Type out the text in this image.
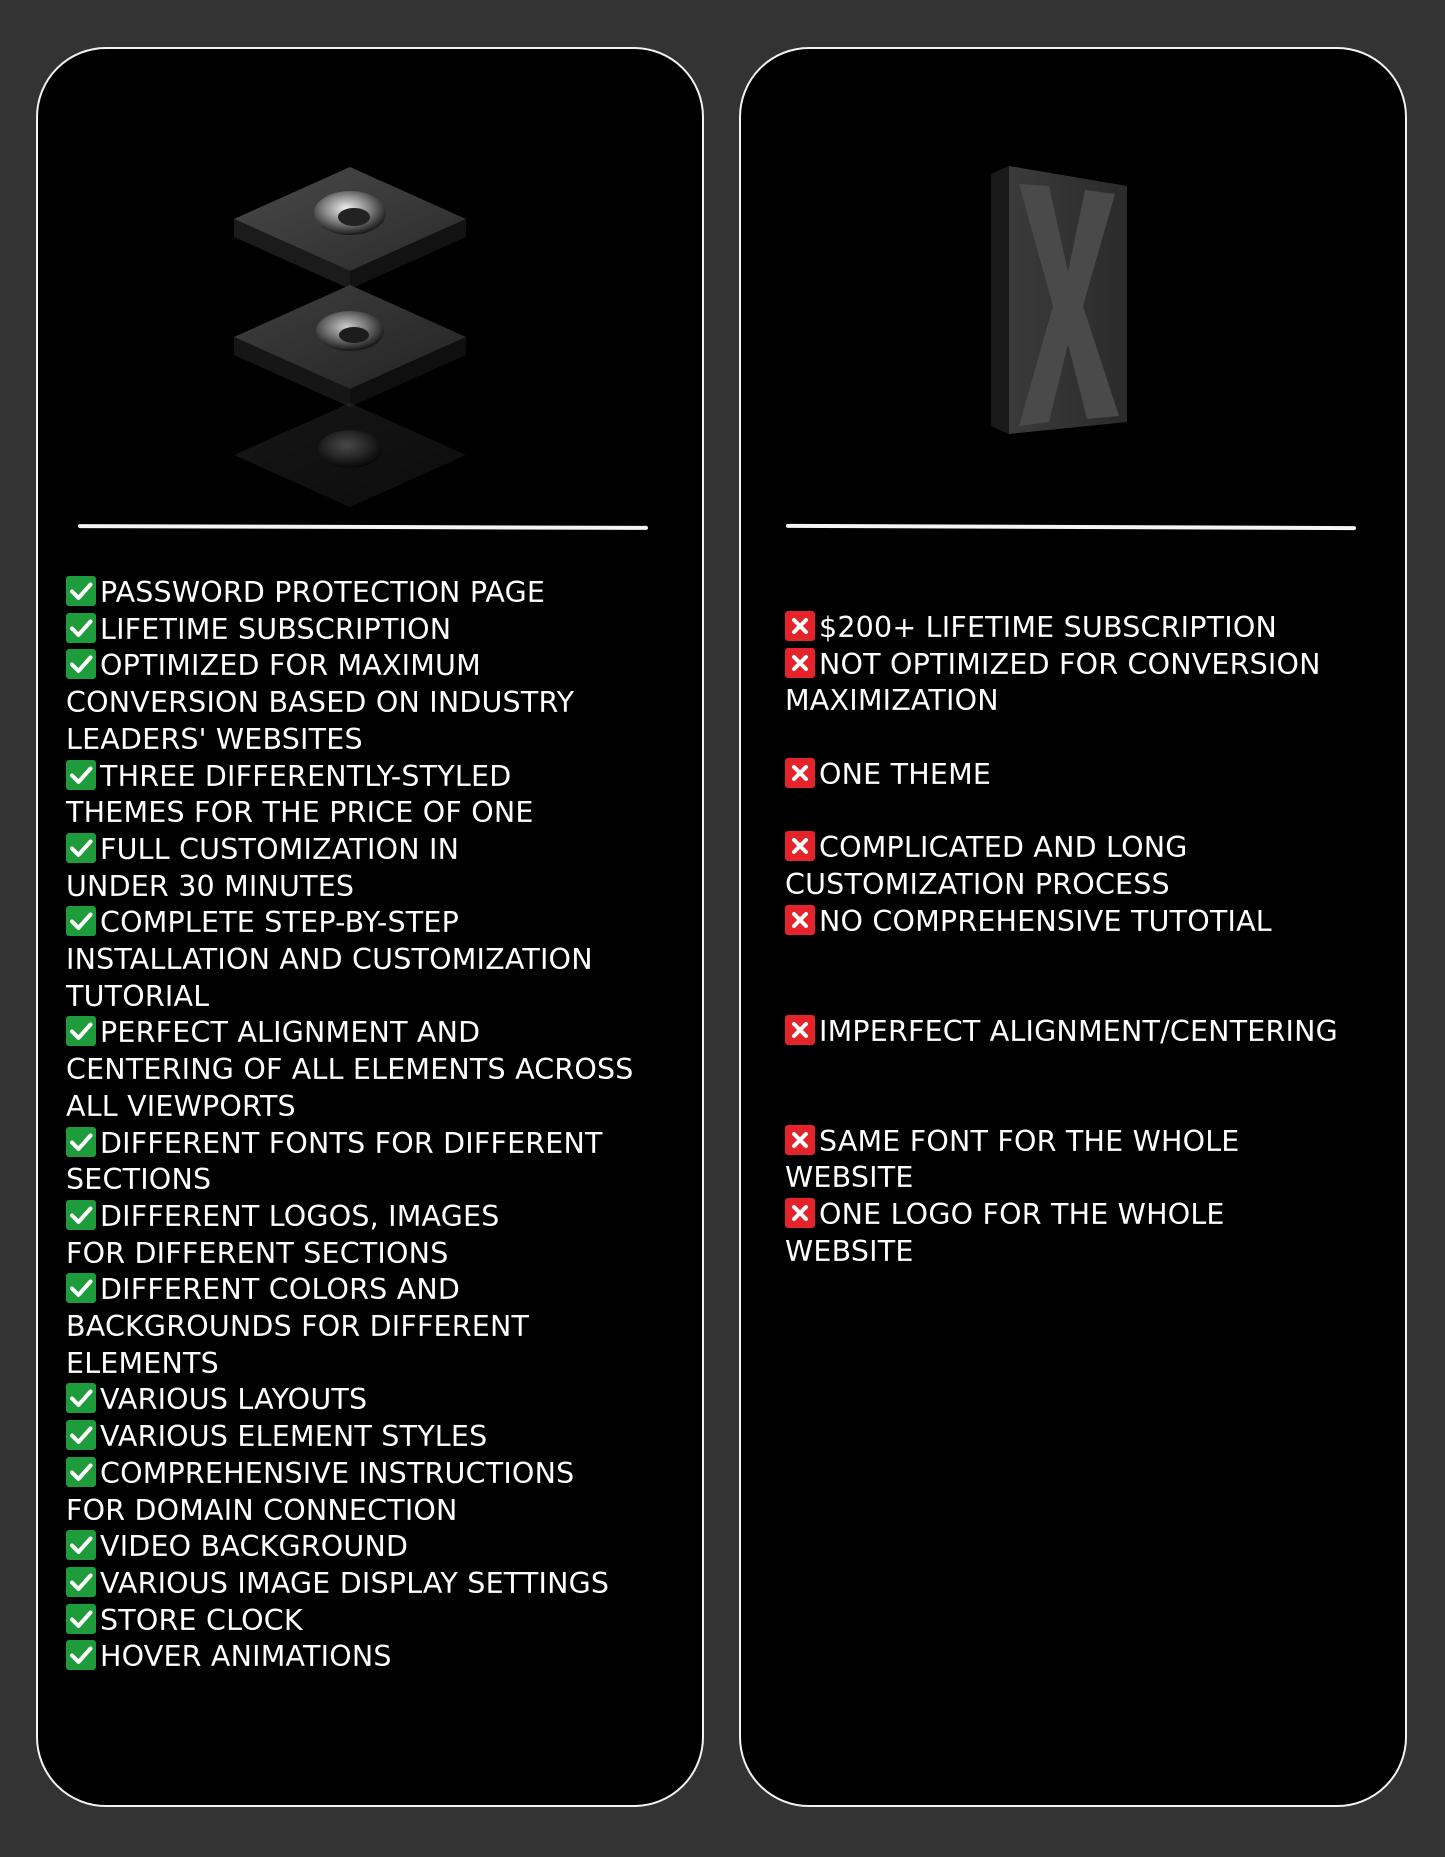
PASSWORD PROTECTION PAGE
LIFETIME SUBSCRIPTION
OPTIMIZED FOR MAXIMUM
CONVERSION BASED ON INDUSTRY LEADERS' WEBSITES
THREE DIFFERENTLY-STYLED
THEMES FOR THE PRICE OF ONE
FULL CUSTOMIZATION IN
UNDER 30 MINUTES
COMPLETE STEP-BY-STEP
INSTALLATION AND CUSTOMIZATION TUTORIAL
PERFECT ALIGNMENT AND
CENTERING OF ALL ELEMENTS ACROSS ALL VIEWPORTS
DIFFERENT FONTS FOR DIFFERENT
SECTIONS
DIFFERENT LOGOS, IMAGES
FOR DIFFERENT SECTIONS
DIFFERENT COLORS AND
BACKGROUNDS FOR DIFFERENT ELEMENTS
VARIOUS LAYOUTS
VARIOUS ELEMENT STYLES
COMPREHENSIVE INSTRUCTIONS
FOR DOMAIN CONNECTION
VIDEO BACKGROUND
VARIOUS IMAGE DISPLAY SETTINGS
STORE CLOCK
HOVER ANIMATIONS
$200+ LIFETIME SUBSCRIPTION
NOT OPTIMIZED FOR CONVERSION
MAXIMIZATION
ONE THEME
COMPLICATED AND LONG
CUSTOMIZATION PROCESS
NO COMPREHENSIVE TUTOTIAL
IMPERFECT ALIGNMENT/CENTERING
SAME FONT FOR THE WHOLE
WEBSITE
ONE LOGO FOR THE WHOLE
WEBSITE
